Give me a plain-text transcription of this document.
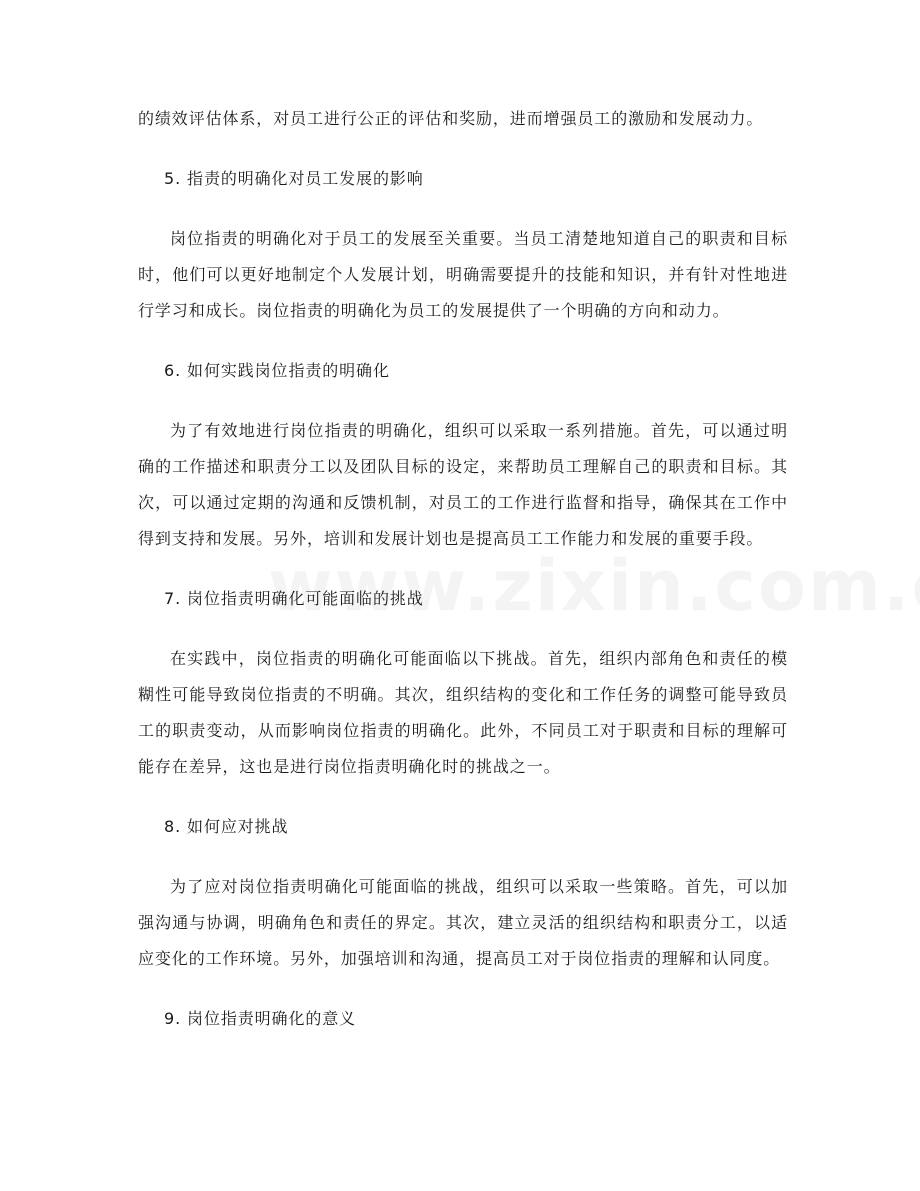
的绩效评估体系，对员工进行公正的评估和奖励，进而增强员工的激励和发展动力。

5. 指责的明确化对员工发展的影响

岗位指责的明确化对于员工的发展至关重要。当员工清楚地知道自己的职责和目标时，他们可以更好地制定个人发展计划，明确需要提升的技能和知识，并有针对性地进行学习和成长。岗位指责的明确化为员工的发展提供了一个明确的方向和动力。

6. 如何实践岗位指责的明确化

为了有效地进行岗位指责的明确化，组织可以采取一系列措施。首先，可以通过明确的工作描述和职责分工以及团队目标的设定，来帮助员工理解自己的职责和目标。其次，可以通过定期的沟通和反馈机制，对员工的工作进行监督和指导，确保其在工作中得到支持和发展。另外，培训和发展计划也是提高员工工作能力和发展的重要手段。

7. 岗位指责明确化可能面临的挑战

在实践中，岗位指责的明确化可能面临以下挑战。首先，组织内部角色和责任的模糊性可能导致岗位指责的不明确。其次，组织结构的变化和工作任务的调整可能导致员工的职责变动，从而影响岗位指责的明确化。此外，不同员工对于职责和目标的理解可能存在差异，这也是进行岗位指责明确化时的挑战之一。

8. 如何应对挑战

为了应对岗位指责明确化可能面临的挑战，组织可以采取一些策略。首先，可以加强沟通与协调，明确角色和责任的界定。其次，建立灵活的组织结构和职责分工，以适应变化的工作环境。另外，加强培训和沟通，提高员工对于岗位指责的理解和认同度。

9. 岗位指责明确化的意义
